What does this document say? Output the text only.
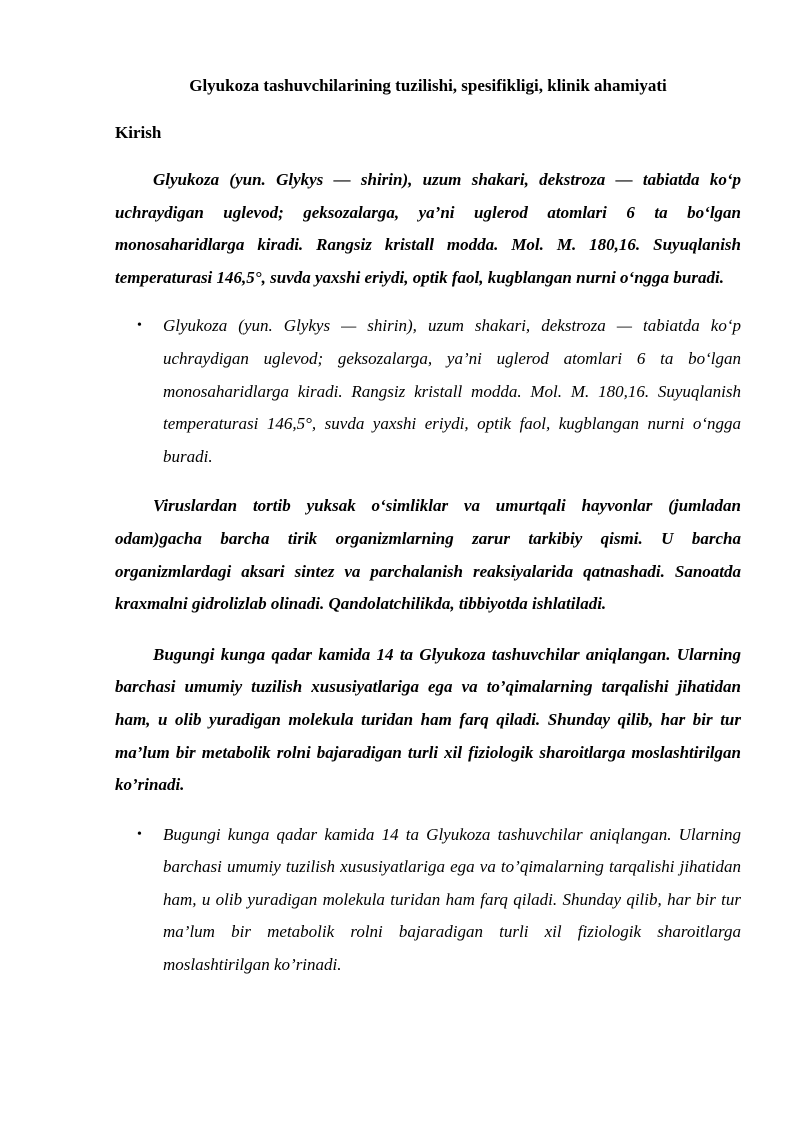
Glyukoza tashuvchilarining tuzilishi, spesifikligi, klinik ahamiyati
Kirish

Glyukoza (yun. Glykys — shirin), uzum shakari, dekstroza — tabiatda ko‘p uchraydigan uglevod; geksozalarga, ya’ni uglerod atomlari 6 ta bo‘lgan monosaharidlarga kiradi. Rangsiz kristall modda. Mol. M. 180,16. Suyuqlanish temperaturasi 146,5°, suvda yaxshi eriydi, optik faol, kugblangan nurni o‘ngga buradi.

• Glyukoza (yun. Glykys — shirin), uzum shakari, dekstroza — tabiatda ko‘p uchraydigan uglevod; geksozalarga, ya’ni uglerod atomlari 6 ta bo‘lgan monosaharidlarga kiradi. Rangsiz kristall modda. Mol. M. 180,16. Suyuqlanish temperaturasi 146,5°, suvda yaxshi eriydi, optik faol, kugblangan nurni o‘ngga buradi.

Viruslardan tortib yuksak o‘simliklar va umurtqali hayvonlar (jumladan odam)gacha barcha tirik organizmlarning zarur tarkibiy qismi. U barcha organizmlardagi aksari sintez va parchalanish reaksiyalarida qatnashadi. Sanoatda kraxmalni gidrolizlab olinadi. Qandolatchilikda, tibbiyotda ishlatiladi.

Bugungi kunga qadar kamida 14 ta Glyukoza tashuvchilar aniqlangan. Ularning barchasi umumiy tuzilish xususiyatlariga ega va to’qimalarning tarqalishi jihatidan ham, u olib yuradigan molekula turidan ham farq qiladi. Shunday qilib, har bir tur ma’lum bir metabolik rolni bajaradigan turli xil fiziologik sharoitlarga moslashtirilgan ko’rinadi.

• Bugungi kunga qadar kamida 14 ta Glyukoza tashuvchilar aniqlangan. Ularning barchasi umumiy tuzilish xususiyatlariga ega va to’qimalarning tarqalishi jihatidan ham, u olib yuradigan molekula turidan ham farq qiladi. Shunday qilib, har bir tur ma’lum bir metabolik rolni bajaradigan turli xil fiziologik sharoitlarga moslashtirilgan ko’rinadi.
